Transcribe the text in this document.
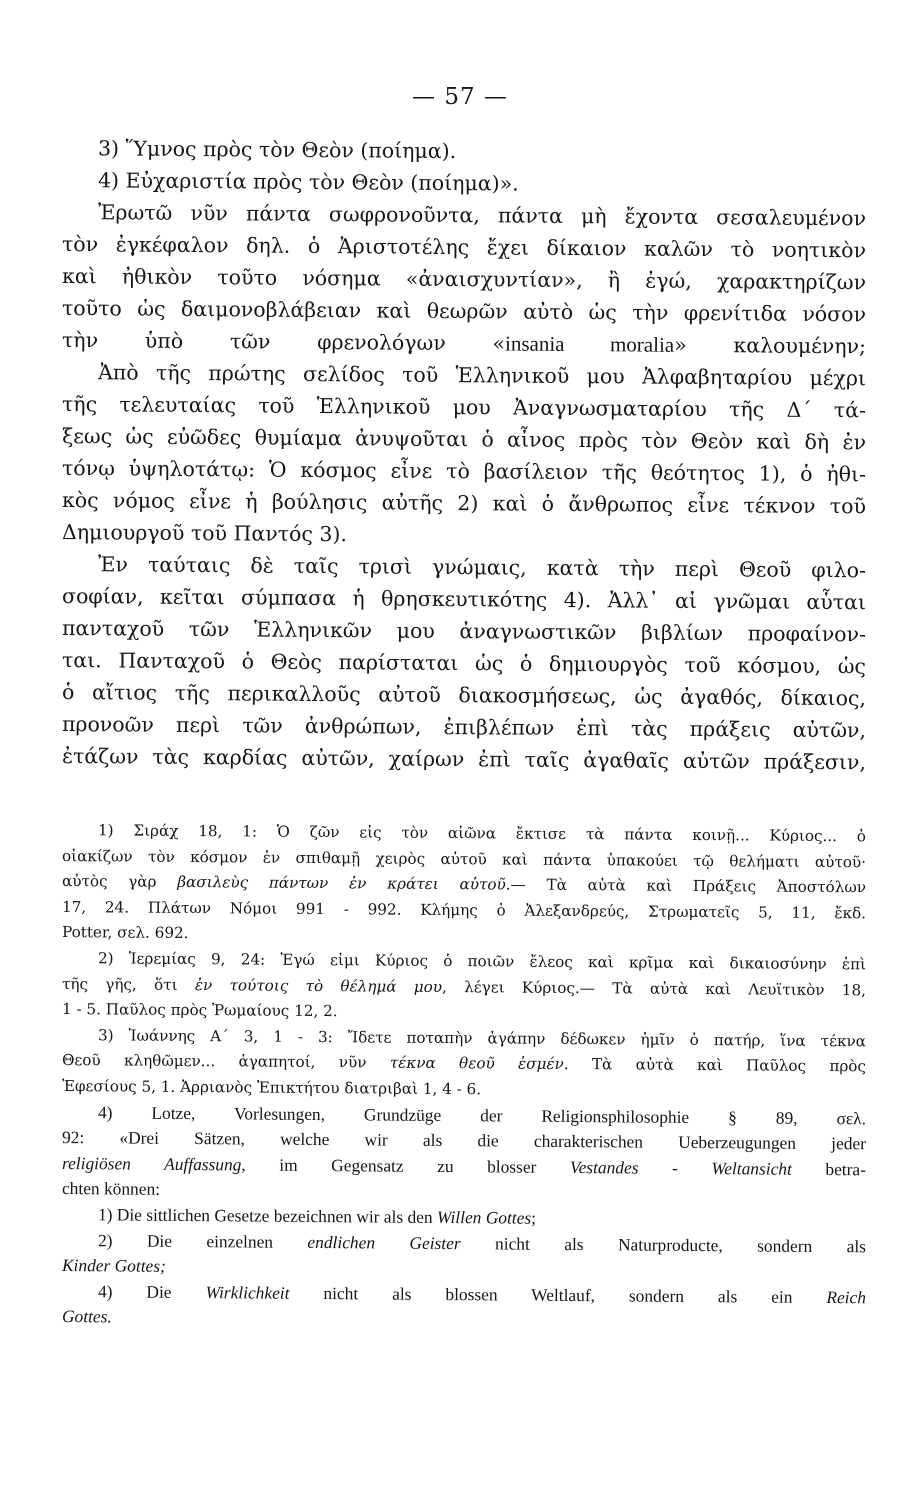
— 57 —

3) Ὕμνος πρὸς τὸν Θεὸν (ποίημα).

4) Εὐχαριστία πρὸς τὸν Θεὸν (ποίημα)».

Ἐρωτῶ νῦν πάντα σωφρονοῦντα, πάντα μὴ ἔχοντα σεσαλευμένον

τὸν ἐγκέφαλον δηλ. ὁ Ἀριστοτέλης ἔχει δίκαιον καλῶν τὸ νοητικὸν

καὶ ἠθικὸν τοῦτο νόσημα «ἀναισχυντίαν», ἢ ἐγώ, χαρακτηρίζων

τοῦτο ὡς δαιμονοβλάβειαν καὶ θεωρῶν αὐτὸ ὡς τὴν φρενίτιδα νόσον

τὴν ὑπὸ τῶν φρενολόγων «insania moralia» καλουμένην;

Ἀπὸ τῆς πρώτης σελίδος τοῦ Ἑλληνικοῦ μου Ἀλφαβηταρίου μέχρι

τῆς τελευταίας τοῦ Ἑλληνικοῦ μου Ἀναγνωσματαρίου τῆς Δ΄ τά-

ξεως ὡς εὐῶδες θυμίαμα ἀνυψοῦται ὁ αἶνος πρὸς τὸν Θεὸν καὶ δὴ ἐν

τόνῳ ὑψηλοτάτῳ: Ὁ κόσμος εἶνε τὸ βασίλειον τῆς θεότητος 1), ὁ ἠθι-

κὸς νόμος εἶνε ἡ βούλησις αὐτῆς 2) καὶ ὁ ἄνθρωπος εἶνε τέκνον τοῦ

Δημιουργοῦ τοῦ Παντός 3).

Ἐν ταύταις δὲ ταῖς τρισὶ γνώμαις, κατὰ τὴν περὶ Θεοῦ φιλο-

σοφίαν, κεῖται σύμπασα ἡ θρησκευτικότης 4). Ἀλλ᾿ αἱ γνῶμαι αὗται

πανταχοῦ τῶν Ἑλληνικῶν μου ἀναγνωστικῶν βιβλίων προφαίνον-

ται. Πανταχοῦ ὁ Θεὸς παρίσταται ὡς ὁ δημιουργὸς τοῦ κόσμου, ὡς

ὁ αἴτιος τῆς περικαλλοῦς αὐτοῦ διακοσμήσεως, ὡς ἀγαθός, δίκαιος,

προνοῶν περὶ τῶν ἀνθρώπων, ἐπιβλέπων ἐπὶ τὰς πράξεις αὐτῶν,

ἐτάζων τὰς καρδίας αὐτῶν, χαίρων ἐπὶ ταῖς ἀγαθαῖς αὐτῶν πράξεσιν,

1) Σιράχ 18, 1: Ὁ ζῶν εἰς τὸν αἰῶνα ἔκτισε τὰ πάντα κοινῇ... Κύριος... ὁ

οἰακίζων τὸν κόσμον ἐν σπιθαμῇ χειρὸς αὐτοῦ καὶ πάντα ὑπακούει τῷ θελήματι αὐτοῦ·

αὐτὸς γὰρ βασιλεὺς πάντων ἐν κράτει αὐτοῦ.— Τὰ αὐτὰ καὶ Πράξεις Ἀποστόλων

17, 24. Πλάτων Νόμοι 991 - 992. Κλήμης ὁ Ἀλεξανδρεύς, Στρωματεῖς 5, 11, ἔκδ.

Potter, σελ. 692.

2) Ἱερεμίας 9, 24: Ἐγώ εἰμι Κύριος ὁ ποιῶν ἔλεος καὶ κρῖμα καὶ δικαιοσύνην ἐπὶ

τῆς γῆς, ὅτι ἐν τούτοις τὸ θέλημά μου, λέγει Κύριος.— Τὰ αὐτὰ καὶ Λευϊτικὸν 18,

1 - 5. Παῦλος πρὸς Ῥωμαίους 12, 2.

3) Ἰωάννης Α΄ 3, 1 - 3: Ἴδετε ποταπὴν ἀγάπην δέδωκεν ἡμῖν ὁ πατήρ, ἵνα τέκνα

Θεοῦ κληθῶμεν... ἀγαπητοί, νῦν τέκνα θεοῦ ἐσμέν. Τὰ αὐτὰ καὶ Παῦλος πρὸς

Ἐφεσίους 5, 1. Ἀρριανὸς Ἐπικτήτου διατριβαὶ 1, 4 - 6.

4) Lotze, Vorlesungen, Grundzüge der Religionsphilosophie § 89, σελ.

92: «Drei Sätzen, welche wir als die charakterischen Ueberzeugungen jeder

religiösen Auffassung, im Gegensatz zu blosser Vestandes - Weltansicht betra-

chten können:

1) Die sittlichen Gesetze bezeichnen wir als den Willen Gottes;

2) Die einzelnen endlichen Geister nicht als Naturproducte, sondern als

Kinder Gottes;

4) Die Wirklichkeit nicht als blossen Weltlauf, sondern als ein Reich

Gottes.
